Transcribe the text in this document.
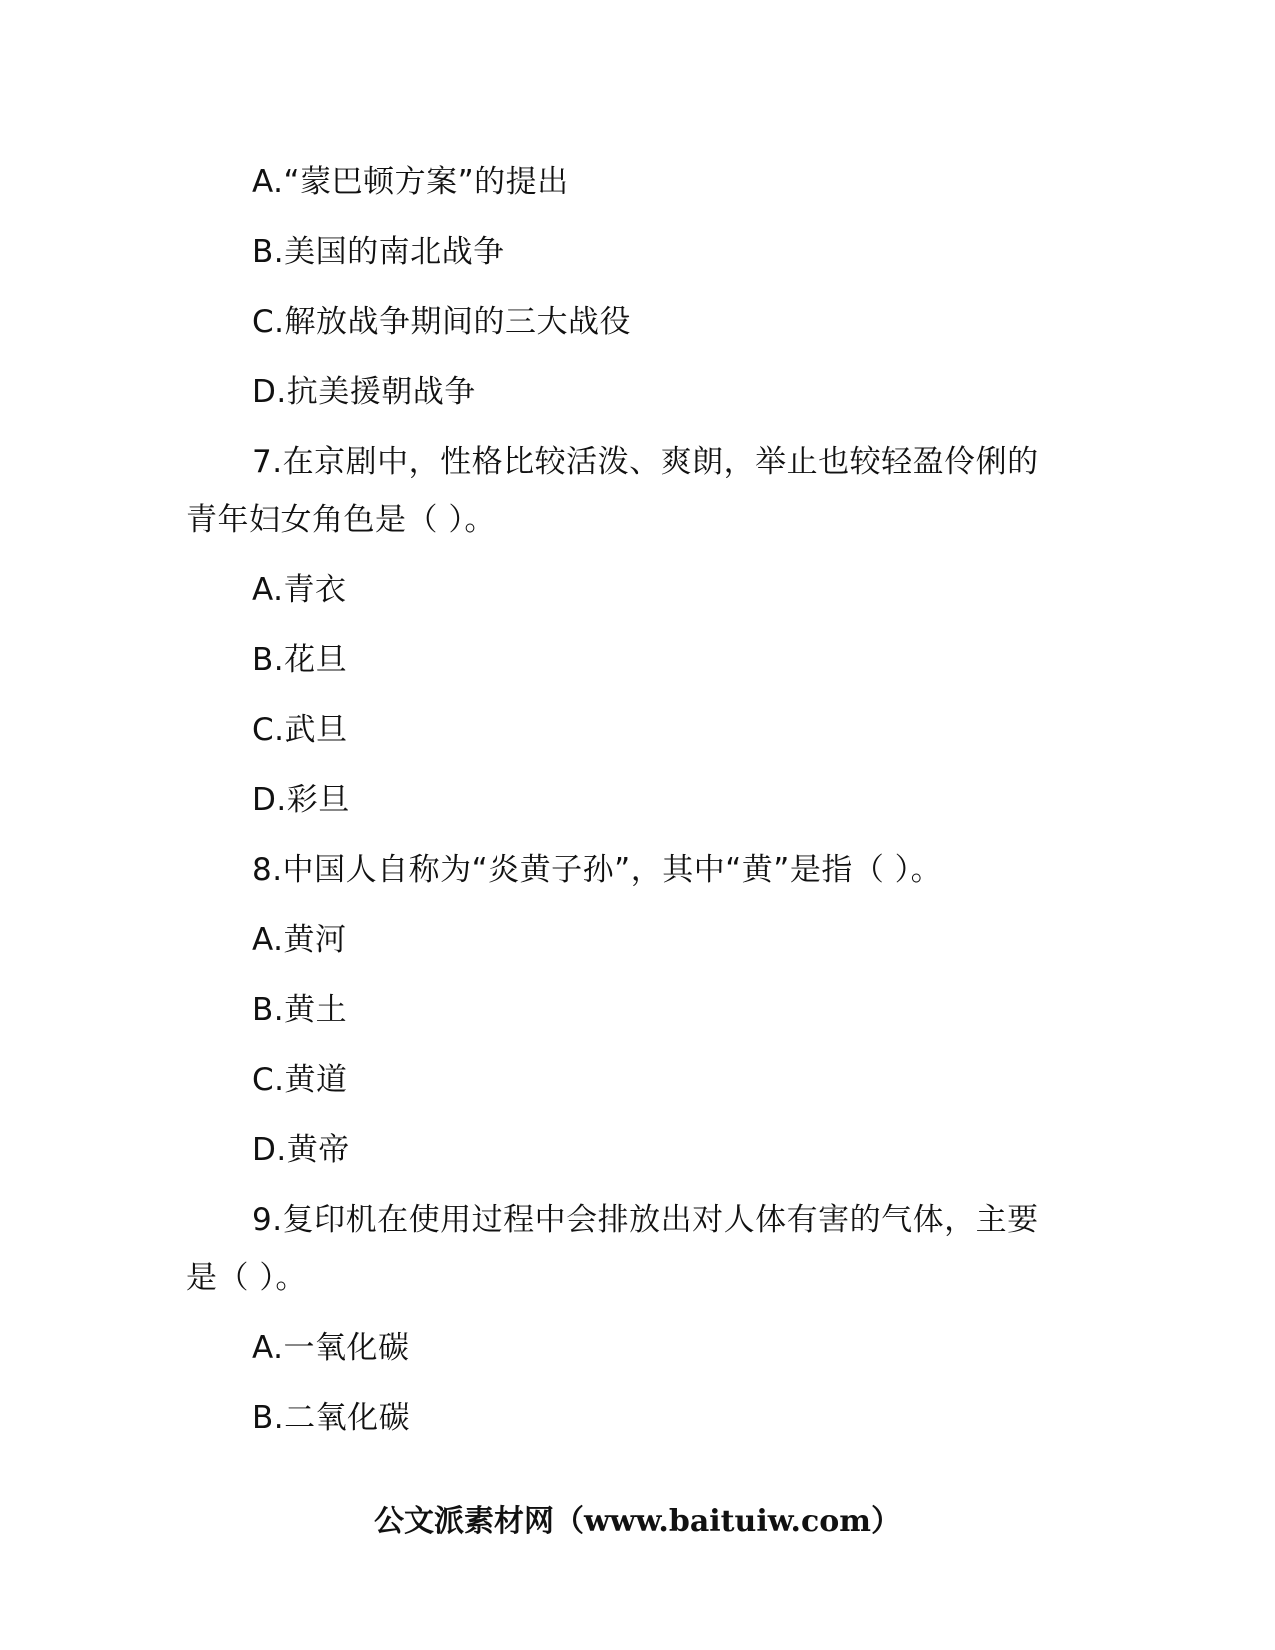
A.“蒙巴顿方案”的提出
B.美国的南北战争
C.解放战争期间的三大战役
D.抗美援朝战争
7.在京剧中，性格比较活泼、爽朗，举止也较轻盈伶俐的
青年妇女角色是（ ）。
A.青衣
B.花旦
C.武旦
D.彩旦
8.中国人自称为“炎黄子孙”，其中“黄”是指（ ）。
A.黄河
B.黄土
C.黄道
D.黄帝
9.复印机在使用过程中会排放出对人体有害的气体，主要
是（ ）。
A.一氧化碳
B.二氧化碳
公文派素材网（www.baituiw.com）
